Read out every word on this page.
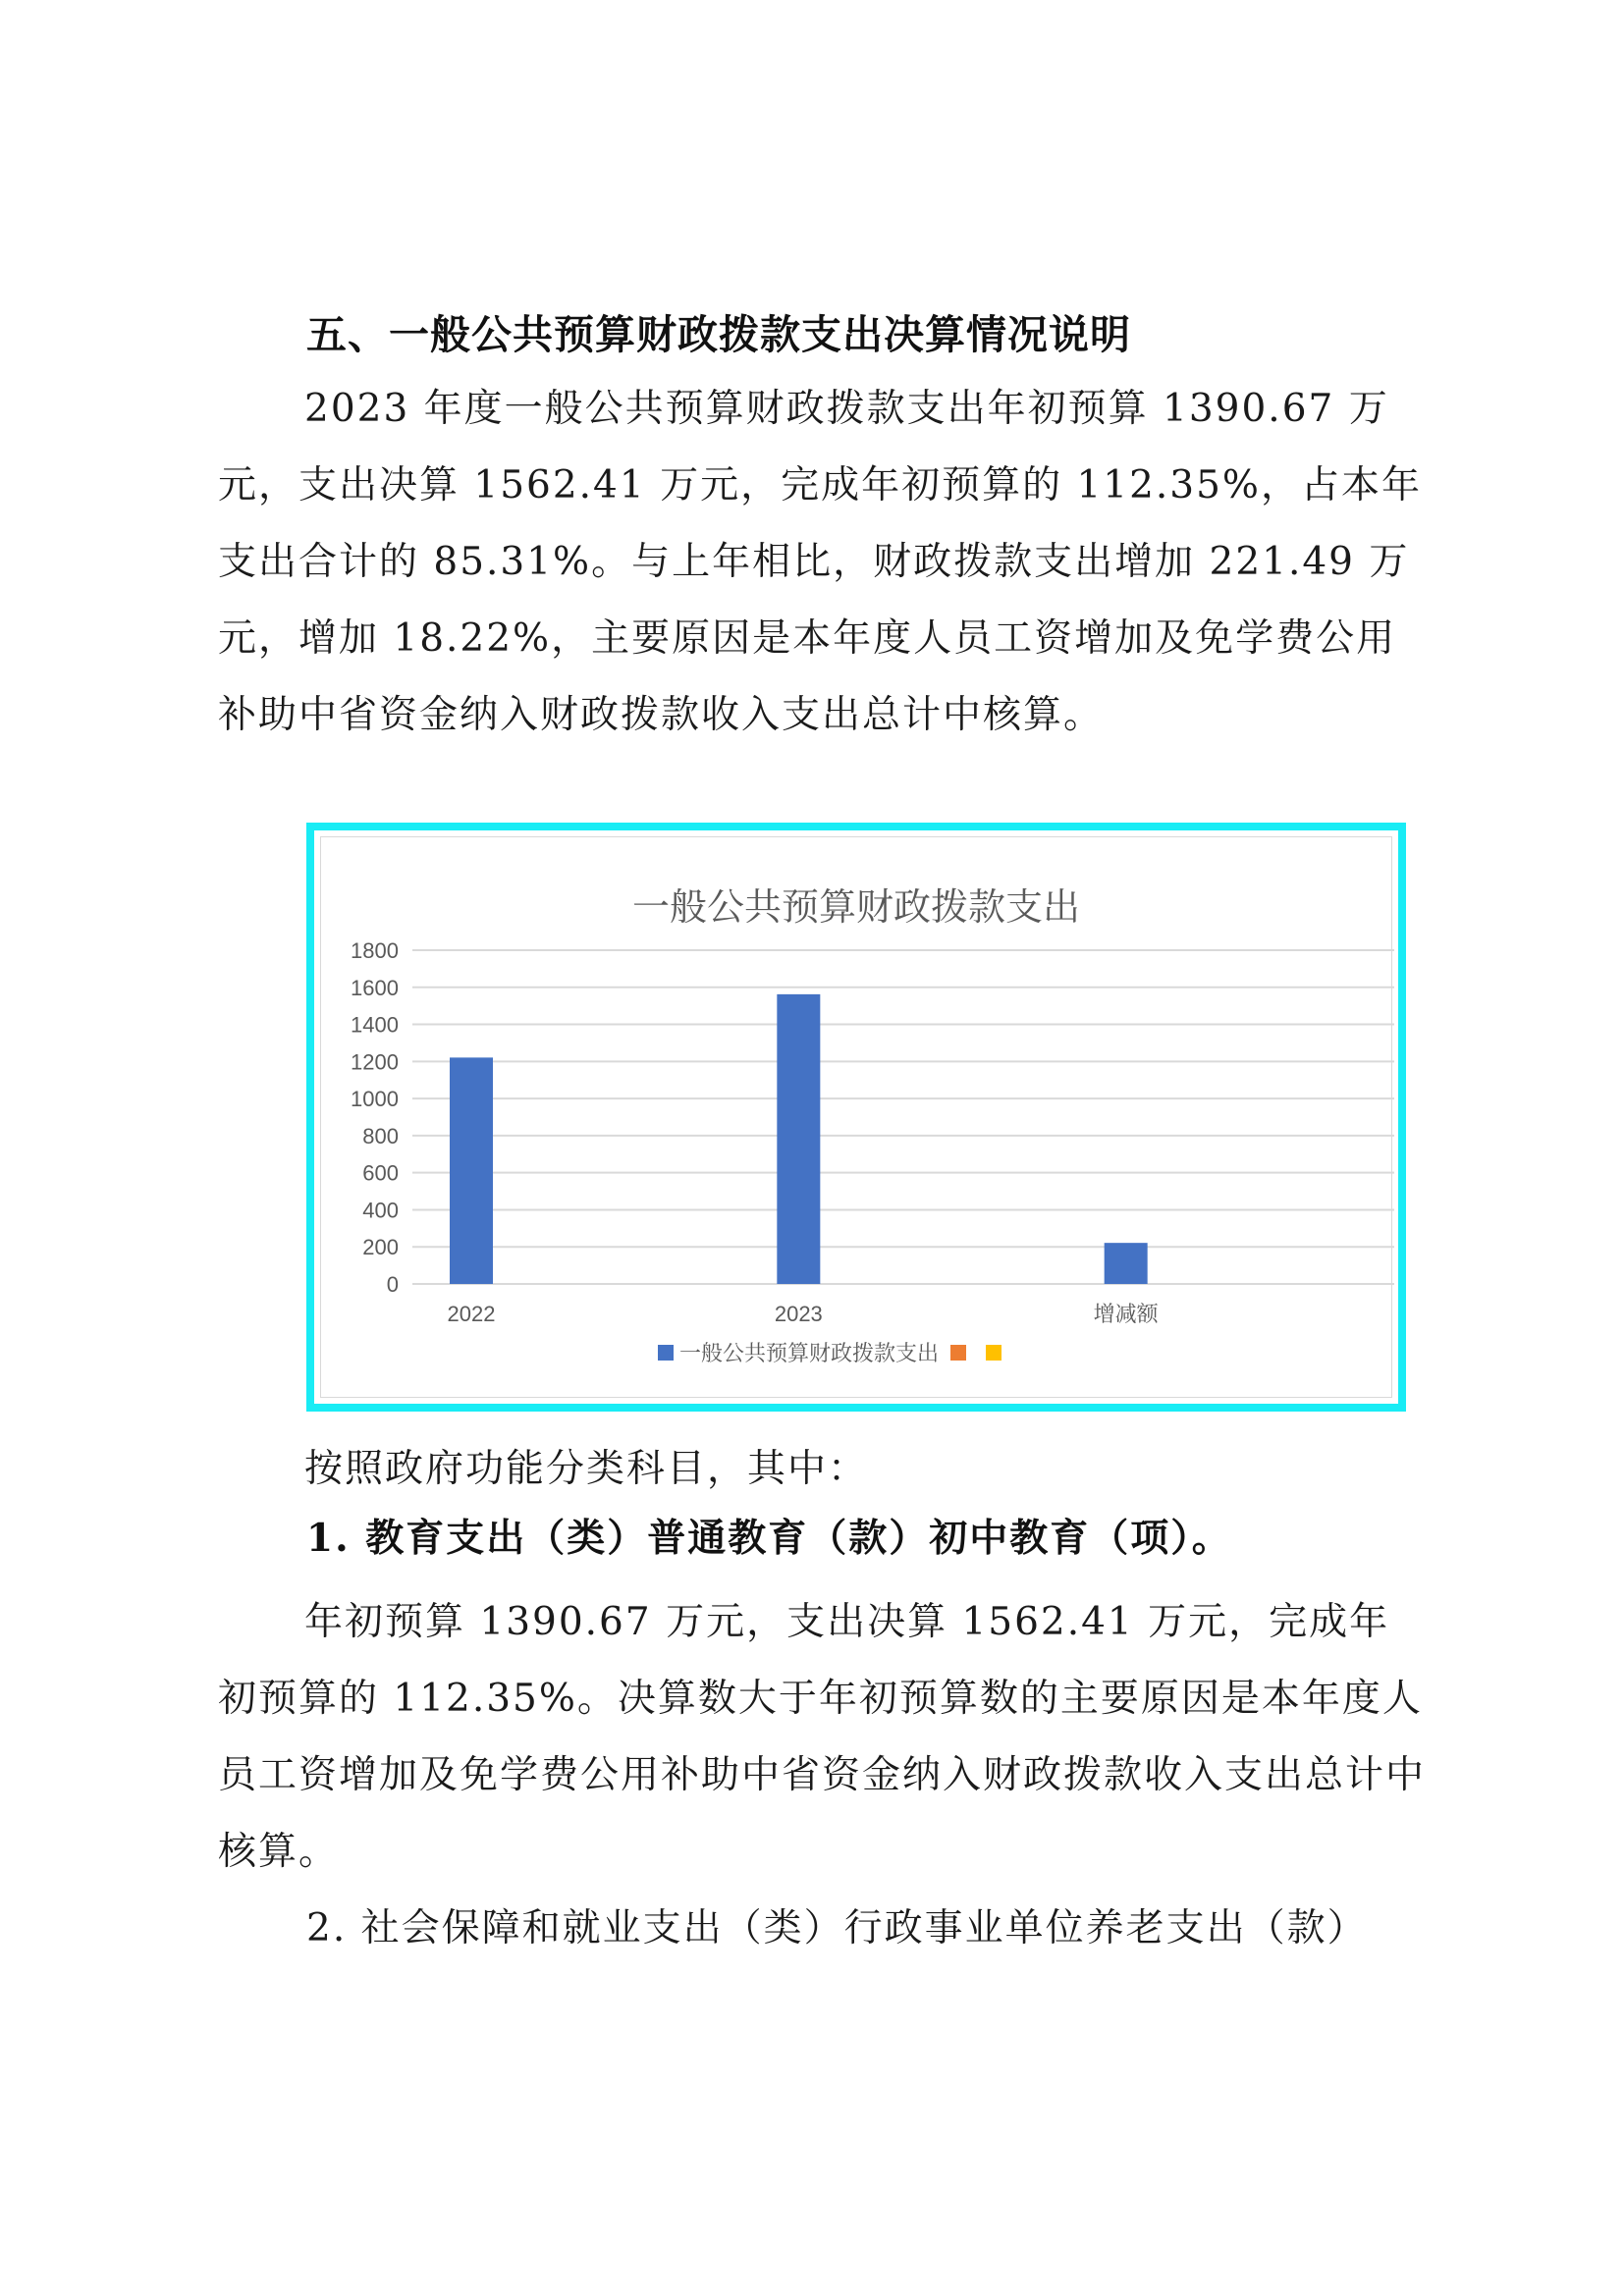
五、一般公共预算财政拨款支出决算情况说明
2023 年度一般公共预算财政拨款支出年初预算 1390.67 万元，支出决算 1562.41 万元，完成年初预算的 112.35%，占本年支出合计的 85.31%。与上年相比，财政拨款支出增加 221.49 万元，增加 18.22%，主要原因是本年度人员工资增加及免学费公用补助中省资金纳入财政拨款收入支出总计中核算。
一般公共预算财政拨款支出
0
200
400
600
800
1000
1200
1400
1600
1800
2022	2023	增减额
一般公共预算财政拨款支出
按照政府功能分类科目，其中：
1. 教育支出（类）普通教育（款）初中教育（项）。
年初预算 1390.67 万元，支出决算 1562.41 万元，完成年初预算的 112.35%。决算数大于年初预算数的主要原因是本年度人员工资增加及免学费公用补助中省资金纳入财政拨款收入支出总计中核算。
2. 社会保障和就业支出（类）行政事业单位养老支出（款）
